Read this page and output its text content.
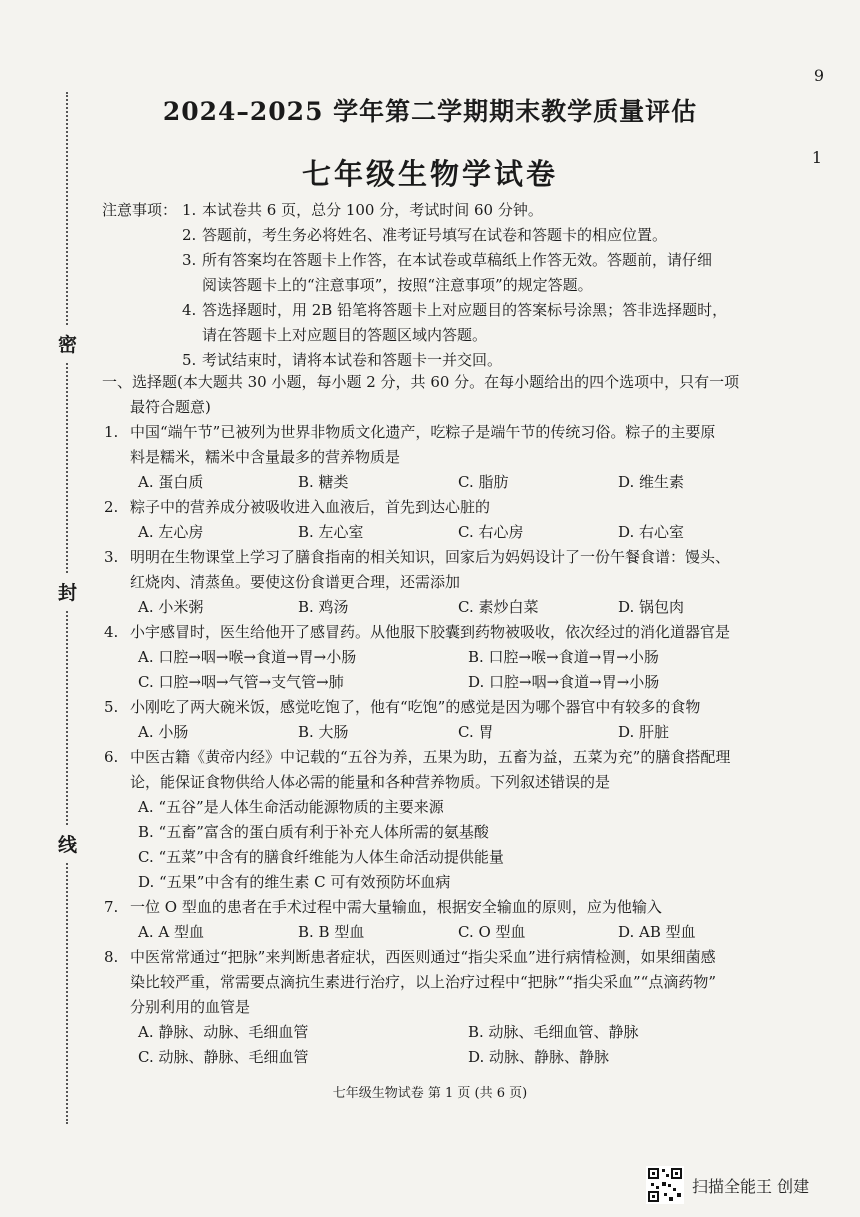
9
1
密
封
线
2024–2025 学年第二学期期末教学质量评估
七年级生物学试卷
注意事项： 1. 本试卷共 6 页，总分 100 分，考试时间 60 分钟。
2. 答题前，考生务必将姓名、准考证号填写在试卷和答题卡的相应位置。
3. 所有答案均在答题卡上作答，在本试卷或草稿纸上作答无效。答题前，请仔细
阅读答题卡上的“注意事项”，按照“注意事项”的规定答题。
4. 答选择题时，用 2B 铅笔将答题卡上对应题目的答案标号涂黑；答非选择题时，
请在答题卡上对应题目的答题区域内答题。
5. 考试结束时，请将本试卷和答题卡一并交回。
一、选择题(本大题共 30 小题，每小题 2 分，共 60 分。在每小题给出的四个选项中，只有一项
最符合题意)
1. 中国“端午节”已被列为世界非物质文化遗产，吃粽子是端午节的传统习俗。粽子的主要原
料是糯米，糯米中含量最多的营养物质是
A. 蛋白质	B. 糖类	C. 脂肪	D. 维生素
2. 粽子中的营养成分被吸收进入血液后，首先到达心脏的
A. 左心房	B. 左心室	C. 右心房	D. 右心室
3. 明明在生物课堂上学习了膳食指南的相关知识，回家后为妈妈设计了一份午餐食谱：馒头、
红烧肉、清蒸鱼。要使这份食谱更合理，还需添加
A. 小米粥	B. 鸡汤	C. 素炒白菜	D. 锅包肉
4. 小宇感冒时，医生给他开了感冒药。从他服下胶囊到药物被吸收，依次经过的消化道器官是
A. 口腔→咽→喉→食道→胃→小肠	B. 口腔→喉→食道→胃→小肠
C. 口腔→咽→气管→支气管→肺	D. 口腔→咽→食道→胃→小肠
5. 小刚吃了两大碗米饭，感觉吃饱了，他有“吃饱”的感觉是因为哪个器官中有较多的食物
A. 小肠	B. 大肠	C. 胃	D. 肝脏
6. 中医古籍《黄帝内经》中记载的“五谷为养，五果为助，五畜为益，五菜为充”的膳食搭配理
论，能保证食物供给人体必需的能量和各种营养物质。下列叙述错误的是
A. “五谷”是人体生命活动能源物质的主要来源
B. “五畜”富含的蛋白质有利于补充人体所需的氨基酸
C. “五菜”中含有的膳食纤维能为人体生命活动提供能量
D. “五果”中含有的维生素 C 可有效预防坏血病
7. 一位 O 型血的患者在手术过程中需大量输血，根据安全输血的原则，应为他输入
A. A 型血	B. B 型血	C. O 型血	D. AB 型血
8. 中医常常通过“把脉”来判断患者症状，西医则通过“指尖采血”进行病情检测，如果细菌感
染比较严重，常需要点滴抗生素进行治疗，以上治疗过程中“把脉”“指尖采血”“点滴药物”
分别利用的血管是
A. 静脉、动脉、毛细血管	B. 动脉、毛细血管、静脉
C. 动脉、静脉、毛细血管	D. 动脉、静脉、静脉
七年级生物试卷 第 1 页 (共 6 页)
扫描全能王 创建
